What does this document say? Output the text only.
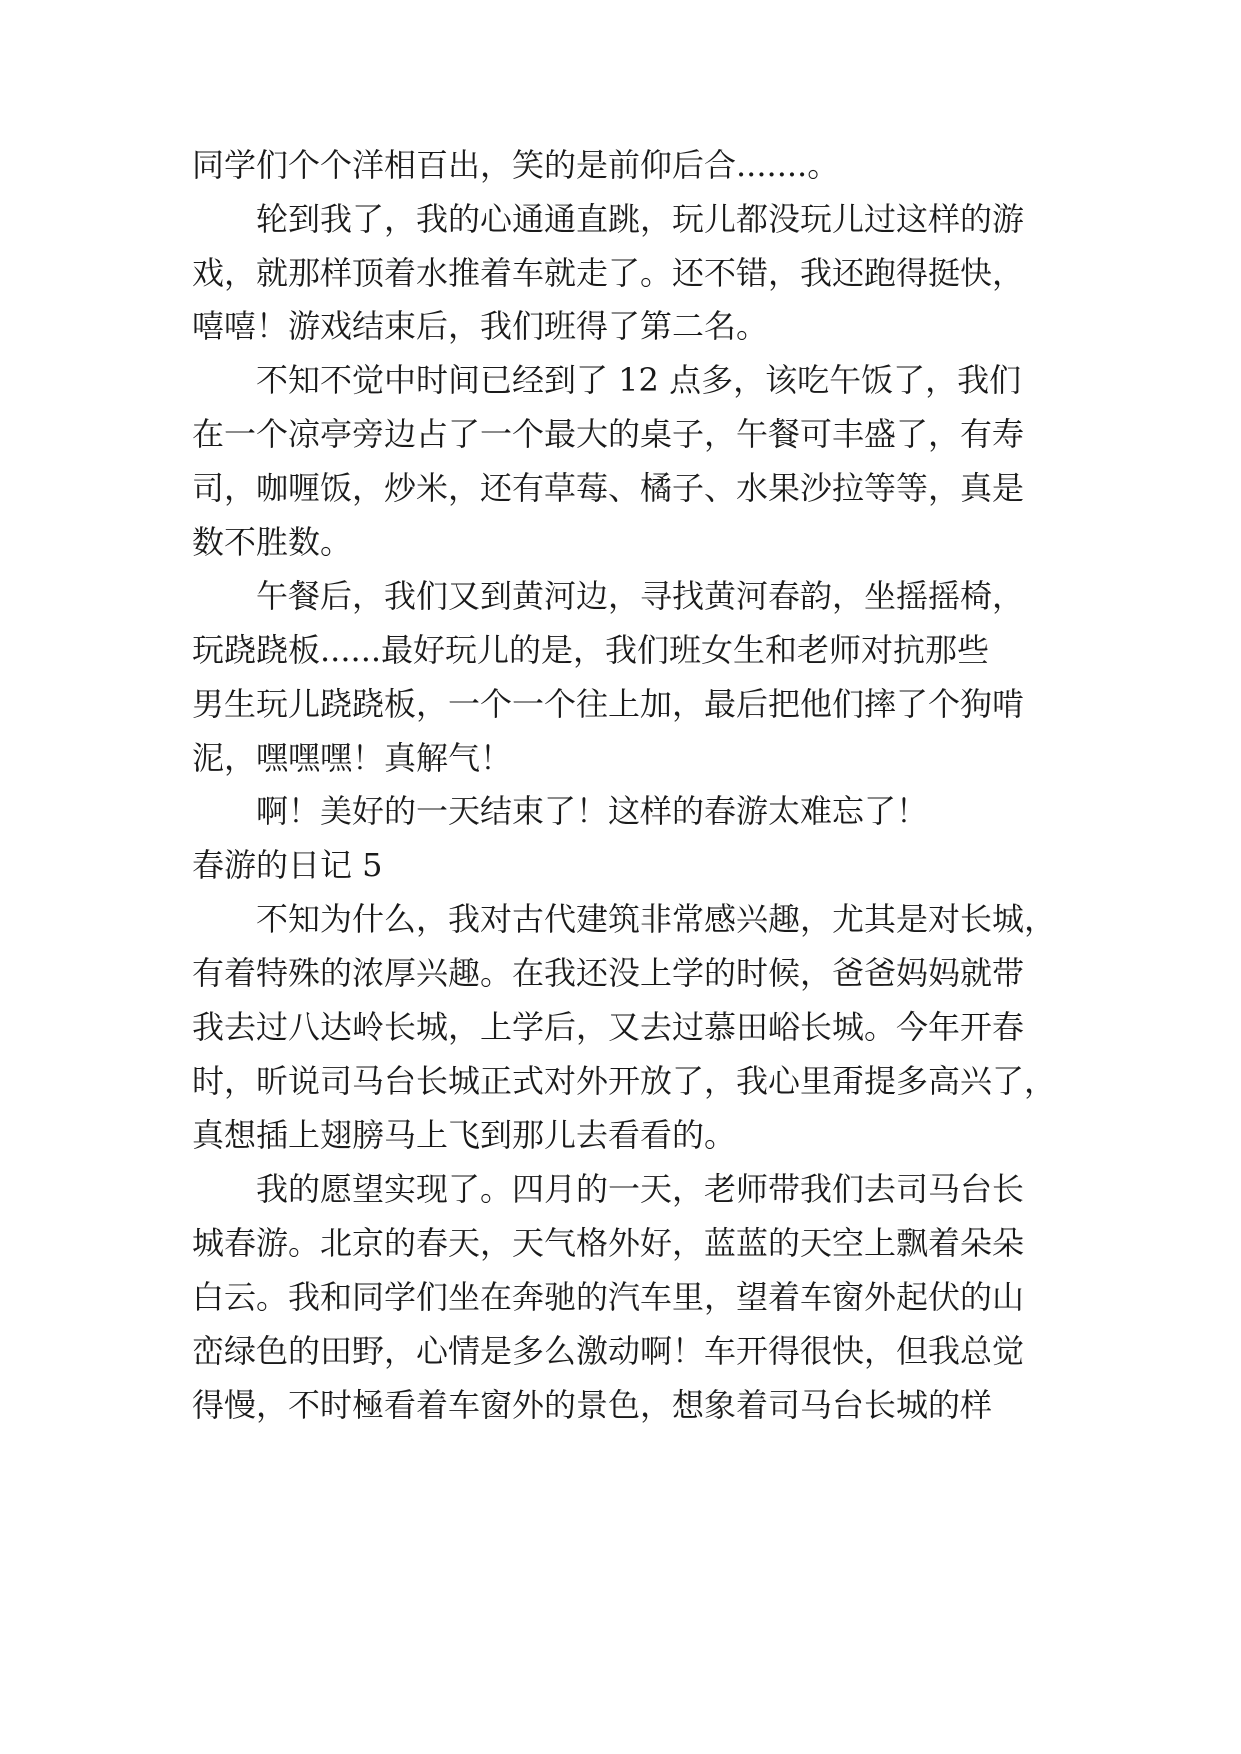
同学们个个洋相百出，笑的是前仰后合.......。
轮到我了，我的心通通直跳，玩儿都没玩儿过这样的游
戏，就那样顶着水推着车就走了。还不错，我还跑得挺快，
嘻嘻！游戏结束后，我们班得了第二名。
不知不觉中时间已经到了 12 点多，该吃午饭了，我们
在一个凉亭旁边占了一个最大的桌子，午餐可丰盛了，有寿
司，咖喱饭，炒米，还有草莓、橘子、水果沙拉等等，真是
数不胜数。
午餐后，我们又到黄河边，寻找黄河春韵，坐摇摇椅，
玩跷跷板......最好玩儿的是，我们班女生和老师对抗那些
男生玩儿跷跷板，一个一个往上加，最后把他们摔了个狗啃
泥，嘿嘿嘿！真解气！
啊！美好的一天结束了！这样的春游太难忘了！
春游的日记 5
不知为什么，我对古代建筑非常感兴趣，尤其是对长城，
有着特殊的浓厚兴趣。在我还没上学的时候，爸爸妈妈就带
我去过八达岭长城，上学后，又去过慕田峪长城。今年开春
时，昕说司马台长城正式对外开放了，我心里甭提多高兴了，
真想插上翅膀马上飞到那儿去看看的。
我的愿望实现了。四月的一天，老师带我们去司马台长
城春游。北京的春天，天气格外好，蓝蓝的天空上飘着朵朵
白云。我和同学们坐在奔驰的汽车里，望着车窗外起伏的山
峦绿色的田野，心情是多么激动啊！车开得很快，但我总觉
得慢，不时極看着车窗外的景色，想象着司马台长城的样
